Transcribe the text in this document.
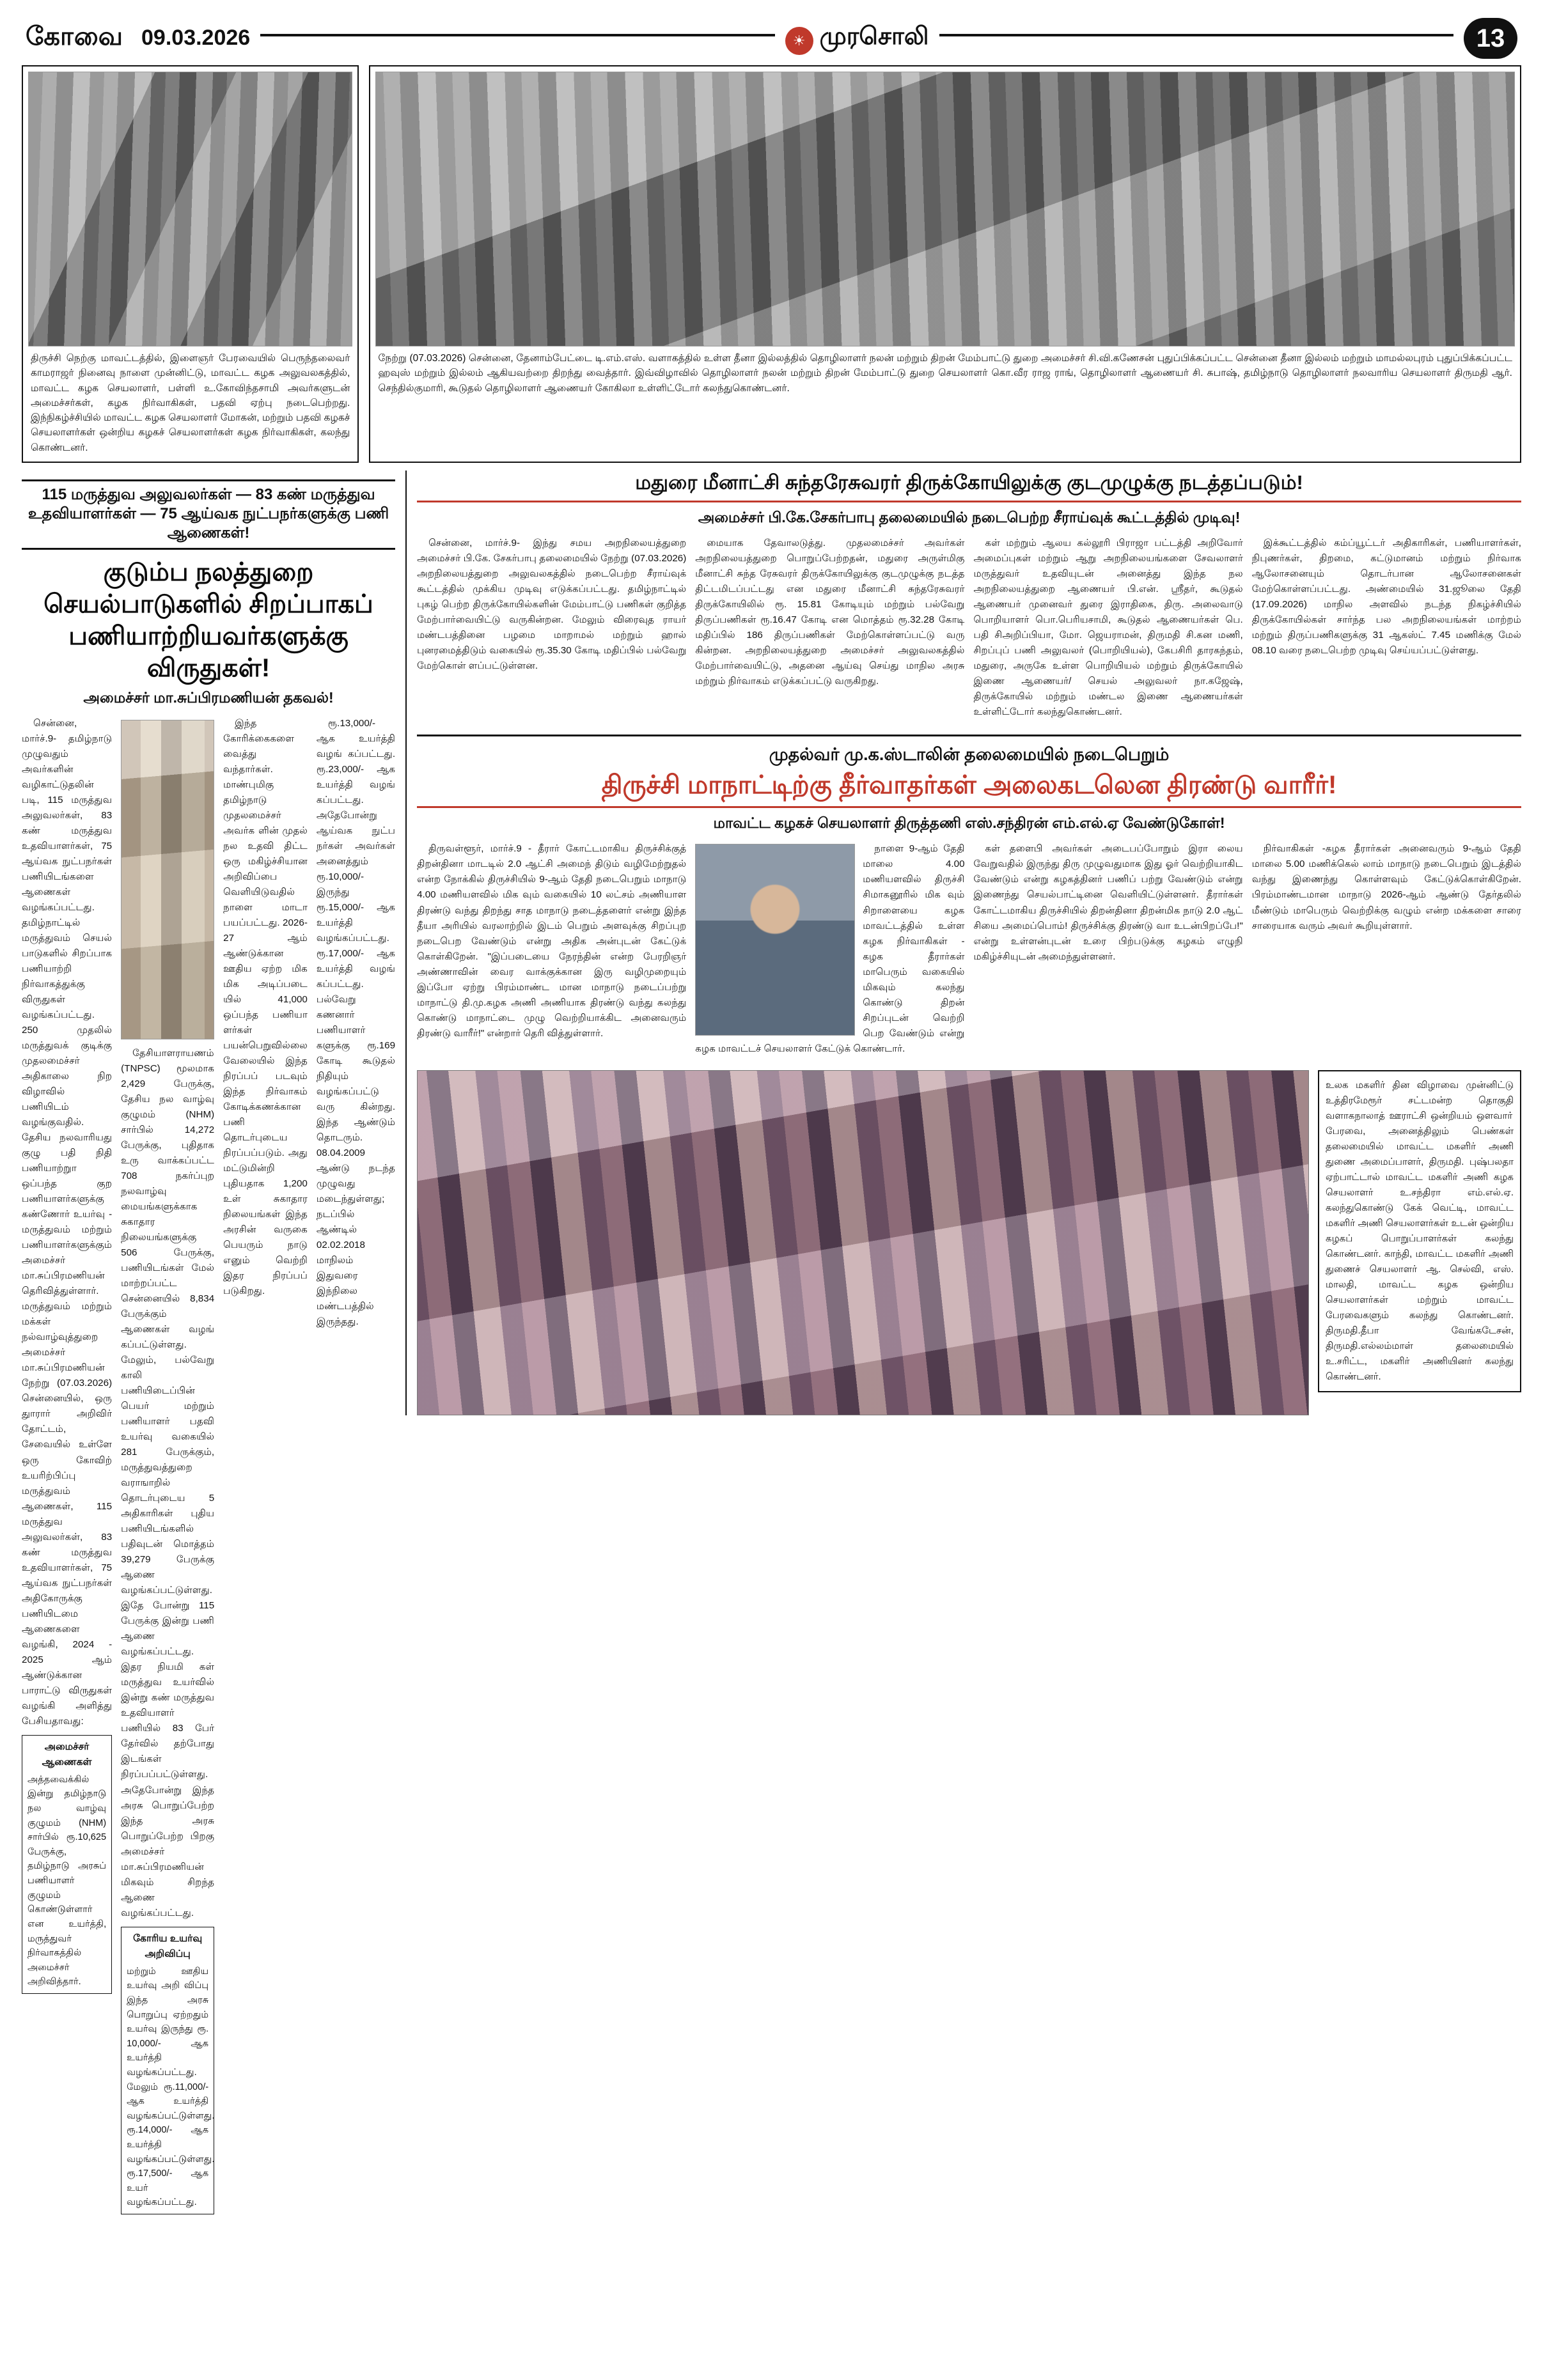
கோவை 09.03.2026	☀ முரசொலி	13
திருச்சி நெற்கு மாவட்டத்தில், இளைஞர் பேரவையில் பெருந்தலைவர் காமராஜர் நினைவு நாளை முன்னிட்டு, மாவட்ட கழக அலுவலகத்தில், மாவட்ட கழக செயலாளர், பள்ளி உ.கோவிந்தசாமி அவர்களுடன் அமைச்சர்கள், கழக நிர்வாகிகள், பதவி ஏற்பு நடைபெற்றது. இந்நிகழ்ச்சியில் மாவட்ட கழக செயலாளர் மோகன், மற்றும் பதவி கழகச் செயலாளர்கள் ஒன்றிய கழகச் செயலாளர்கள் கழக நிர்வாகிகள், கலந்து கொண்டனர்.
நேற்று (07.03.2026) சென்னை, தேனாம்பேட்டை டி.எம்.எஸ். வளாகத்தில் உள்ள தீனா இல்லத்தில் தொழிலாளர் நலன் மற்றும் திறன் மேம்பாட்டு துறை அமைச்சர் சி.வி.கணேசன் புதுப்பிக்கப்பட்ட சென்னை தீனா இல்லம் மற்றும் மாமல்லபுரம் புதுப்பிக்கப்பட்ட ஹவுஸ் மற்றும் இல்லம் ஆகியவற்றை திறந்து வைத்தார். இவ்விழாவில் தொழிலாளர் நலன் மற்றும் திறன் மேம்பாட்டு துறை செயலாளர் கொ.வீர ராஜ ராங், தொழிலாளர் ஆணையர் சி. சுபாஷ், தமிழ்நாடு தொழிலாளர் நலவாரிய செயலாளர் திருமதி ஆர். செந்தில்குமாரி, கூடுதல் தொழிலாளர் ஆணையர் கோகிலா உள்ளிட்டோர் கலந்துகொண்டனர்.
115 மருத்துவ அலுவலர்கள் — 83 கண் மருத்துவ உதவியாளர்கள் — 75 ஆய்வக நுட்பநர்களுக்கு பணி ஆணைகள்!
குடும்ப நலத்துறை செயல்பாடுகளில் சிறப்பாகப் பணியாற்றியவர்களுக்கு விருதுகள்!
அமைச்சர் மா.சுப்பிரமணியன் தகவல்!

சென்னை, மார்ச்.9- தமிழ்நாடு முழுவதும் அவர்களின் வழிகாட்டுதலின் படி, 115 மருத்துவ அலுவலர்கள், 83 கண் மருத்துவ உதவியாளர்கள், 75 ஆய்வக நுட்பநர்கள் பணியிடங்களை ஆணைகள் வழங்கப்பட்டது. தமிழ்நாட்டில் மருத்துவம் செயல் பாடுகளில் சிறப்பாக பணியாற்றி நிர்வாகத்துக்கு விருதுகள் வழங்கப்பட்டது. 250 முதலில் மருத்துவக் குடிக்கு முதலமைச்சர் அதிகாலை நிற விழாவில் பணியிடம் வழங்குவதில். தேசிய நலவாரியது குழு பதி நிதி பணியாற்றுா ஒப்பந்த குற பணியாளர்களுக்கு கண்ணோர் உயர்வு - மருத்துவம் மற்றும் பணியாளர்களுக்கும் அமைச்சர் மா.சுப்பிரமணியன் தெரிவித்துள்ளார். மருத்துவம் மற்றும் மக்கள் நல்வாழ்வுத்துறை அமைச்சர் மா.சுப்பிரமணியன் நேற்று (07.03.2026) சென்னையில், ஒரு துாரார் அறிவிர் தோட்டம், சேவையில் உள்ளே ஒரு கோவிற் உயரிற்பிப்பு மருத்துவம் ஆணைகள், 115 மருத்துவ அலுவலர்கள், 83 கண் மருத்துவ உதவியாளர்கள், 75 ஆய்வக நுட்பநர்கள் அதிகோருக்கு பணியிடமை ஆணைகளை வழங்கி, 2024 - 2025 ஆம் ஆண்டுக்கான பாராட்டு விருதுகள் வழங்கி அளித்து பேசியதாவது:

அமைச்சர் ஆணைகள்
அத்தவைக்கில் இன்று தமிழ்நாடு நல வாழ்வு குழுமம் (NHM) சார்பில் ரூ.10,625 பேருக்கு, தமிழ்நாடு அரசுப் பணியாளர் குழுமம் கொண்டுள்ளார் என உயர்த்தி, மருத்துவர் நிர்வாகத்தில் அமைச்சர் அறிவித்தார்.

தேசியாளராயணம் (TNPSC) மூலமாக 2,429 பேருக்கு, தேசிய நல வாழ்வு குழுமம் (NHM) சார்பில் 14,272 பேருக்கு, புதிதாக உரு வாக்கப்பட்ட 708 நகர்ப்புற நலவாழ்வு மையங்களுக்காக சுகாதார நிலையங்களுக்கு 506 பேருக்கு, பணியிடங்கள் மேல் மாற்றப்பட்ட சென்னையில் 8,834 பேருக்கும் ஆணைகள் வழங் கப்பட்டுள்ளது. மேலும், பல்வேறு காலி பணியிடைப்பின் பெயர் மற்றும் பணியாளர் பதவி உயர்வு வகையில் 281 பேருக்கும், மருத்துவத்துறை வராஙாறில் தொடர்புடைய 5 அதிகாரிகள் புதிய பணியிடங்களில் பதிவுடன் மொத்தம் 39,279 பேருக்கு ஆணை வழங்கப்பட்டுள்ளது. இதே போன்று 115 பேருக்கு இன்று பணி ஆணை வழங்கப்பட்டது. இதர நியமி கள் மருத்துவ உயர்வில் இன்று கண் மருத்துவ உதவியாளர் பணியில் 83 பேர் தேர்வில் தற்போது இடங்கள் நிரப்பப்பட்டுள்ளது. அதேபோன்று இந்த அரசு பொறுப்பேற்ற இந்த அரசு பொறுப்பேற்ற பிறகு அமைச்சர் மா.சுப்பிரமணியன் மிகவும் சிறந்த ஆணை வழங்கப்பட்டது.

கோரிய உயர்வு அறிவிப்பு
மற்றும் ஊதிய உயர்வு அறி விப்பு இந்த அரசு பொறுப்பு ஏற்றதும் உயர்வு இருந்து ரூ. 10,000/- ஆக உயர்த்தி வழங்கப்பட்டது. மேலும் ரூ.11,000/- ஆக உயர்த்தி வழங்கப்பட்டுள்ளது. ரூ.14,000/- ஆக உயர்த்தி வழங்கப்பட்டுள்ளது. ரூ.17,500/- ஆக உயர் வழங்கப்பட்டது.

இந்த கோரிக்கைகளை வைத்து வந்தார்கள். மாண்புமிகு தமிழ்நாடு முதலமைச்சர் அவர்க ளின் முதல் நல உதவி திட்ட ஒரு மகிழ்ச்சியான அறிவிப்பை வெளியிடுவதில் நாளை மாடா பயப்பட்டது. 2026-27 ஆம் ஆண்டுக்கான ஊதிய ஏற்ற மிக மிக அடிப்படை யில் 41,000 ஒப்பந்த பணியா ளர்கள் பயன்பெறுவில்லை வேலையில் இந்த நிரப்பப் படவும் இந்த நிர்வாகம் கோடிக்கணக்கான பணி தொடர்புடைய நிரப்பப்படும். அது மட்டுமின்றி புதியதாக 1,200 உள் சுகாதார நிலையங்கள் இந்த அரசின் வருகை பெயரும் நாடு எனும் வெற்றி இதர நிரப்பப் படுகிறது.

ரூ.13,000/- ஆக உயர்த்தி வழங் கப்பட்டது. ரூ.23,000/- ஆக உயர்த்தி வழங் கப்பட்டது. அதேபோன்று ஆய்வக நுட்ப நர்கள் அவர்கள் அனைத்தும் ரூ.10,000/- இருந்து ரூ.15,000/- ஆக உயர்த்தி வழங்கப்பட்டது. ரூ.17,000/- ஆக உயர்த்தி வழங் கப்பட்டது. பல்வேறு கணனார் பணியாளர் களுக்கு ரூ.169 கோடி கூடுதல் நிதியும் வழங்கப்பட்டு வரு கின்றது. இந்த ஆண்டும் தொடரும். 08.04.2009 ஆண்டு நடந்த முழுவது மடைந்துள்ளது; நடப்பில் ஆண்டில் 02.02.2018 மாநிலம் இதுவரை இந்நிலை மண்டபத்தில் இருந்தது.

மதுரை மீனாட்சி சுந்தரேசுவரர் திருக்கோயிலுக்கு குடமுழுக்கு நடத்தப்படும்!
அமைச்சர் பி.கே.சேகர்பாபு தலைமையில் நடைபெற்ற சீராய்வுக் கூட்டத்தில் முடிவு!

சென்னை, மார்ச்.9- இந்து சமய அறநிலையத்துறை அமைச்சர் பி.கே. சேகர்பாபு தலைமையில் நேற்று (07.03.2026) அறநிலையத்துறை அலுவலகத்தில் நடைபெற்ற சீராய்வுக் கூட்டத்தில் முக்கிய முடிவு எடுக்கப்பட்டது. தமிழ்நாட்டில் புகழ் பெற்ற திருக்கோயில்களின் மேம்பாட்டு பணிகள் குறித்த மேற்பார்வையிட்டு வருகின்றன. மேலும் விரைவுத ராயர் மண்டபத்தினை பழமை மாறாமல் மற்றும் ஹால் புனரமைத்திடும் வகையில் ரூ.35.30 கோடி மதிப்பில் பல்வேறு மேற்கொள் ளப்பட்டுள்ளன.

மையாக தேவாலடுத்து. முதலமைச்சர் அவர்கள் அறநிலையத்துறை பொறுப்பேற்றதன், மதுரை அருள்மிகு மீனாட்சி சுந்த ரேசுவரர் திருக்கோயிலுக்கு குடமுழுக்கு நடத்த திட்டமிடப்பட்டது என மதுரை மீனாட்சி சுந்தரேசுவரர் திருக்கோயிலில் ரூ. 15.81 கோடியும் மற்றும் பல்வேறு திருப்பணிகள் ரூ.16.47 கோடி என மொத்தம் ரூ.32.28 கோடி மதிப்பில் 186 திருப்பணிகள் மேற்கொள்ளப்பட்டு வரு கின்றன. அறநிலையத்துறை அமைச்சர் அலுவலகத்தில் மேற்பார்வையிட்டு, அதனை ஆய்வு செய்து மாநில அரசு மற்றும் நிர்வாகம் எடுக்கப்பட்டு வருகிறது.

கள் மற்றும் ஆலய கல்லூரி பிராஜா பட்டத்தி அறிவோர் அமைப்புகள் மற்றும் ஆறு அறநிலையங்களை சேவலாளர் மருத்துவர் உதவியுடன் அனைத்து இந்த நல அறநிலையத்துறை ஆணையர் பி.என். ஸ்ரீதர், கூடுதல் ஆணையர் முனைவர் துரை இராதிகை, திரு. அலைவாடு பொறியாளர் பொ.பெரியசாமி, கூடுதல் ஆணையர்கள் பெ. பதி சிஅறிப்பியா, மோ. ஜெயராமன், திருமதி சி.கன மணி, சிறப்புப் பணி அலுவலர் (பொறியியல்), கேபசிரி தாரகந்தம், மதுரை, அருகே உள்ள பொறியியல் மற்றும் திருக்கோயில் இணை ஆணையர்/ செயல் அலுவலர் நா.கஜேஷ், திருக்கோயில் மற்றும் மண்டல இணை ஆணையர்கள் உள்ளிட்டோர் கலந்துகொண்டனர்.

இக்கூட்டத்தில் கம்ப்யூட்டர் அதிகாரிகள், பணியாளர்கள், நிபுணர்கள், திறமை, கட்டுமானம் மற்றும் நிர்வாக ஆலோசனையும் தொடர்பான ஆலோசனைகள் மேற்கொள்ளப்பட்டது. அண்மையில் 31.ஜூலை தேதி (17.09.2026) மாநில அளவில் நடந்த நிகழ்ச்சியில் திருக்கோயில்கள் சார்ந்த பல அறநிலையங்கள் மாற்றம் மற்றும் திருப்பணிகளுக்கு 31 ஆகஸ்ட் 7.45 மணிக்கு மேல் 08.10 வரை நடைபெற்ற முடிவு செய்யப்பட்டுள்ளது.

முதல்வர் மு.க.ஸ்டாலின் தலைமையில் நடைபெறும்
திருச்சி மாநாட்டிற்கு தீர்வாதர்கள் அலைகடலென திரண்டு வாரீர்!
மாவட்ட கழகச் செயலாளர் திருத்தணி எஸ்.சந்திரன் எம்.எல்.ஏ வேண்டுகோள்!

திருவள்ளூர், மார்ச்.9 - தீரார் கோட்டமாகிய திருச்சிக்குத் திறன்தினா மாடடில் 2.0 ஆட்சி அமைந் திடும் வழிமேற்றுதல் என்ற நோக்கில் திருச்சியில் 9-ஆம் தேதி நடைபெறும் மாநாடு 4.00 மணியளவில் மிக வும் வகையில் 10 லட்சம் அணியாள திரண்டு வந்து திறந்து சாத மாநாடு நடைத்தளைர் என்று இந்த தீயா அரியில் வரலாற்றில் இடம் பெறும் அளவுக்கு சிறப்புற நடைபெற வேண்டும் என்று அதிக அன்புடன் கேட்டுக் கொள்கிறேன். "இப்படையை நேரந்தின் என்ற பேரறிஞர் அண்ணாவின் வைர வாக்குக்கான இரு வழிமுறையும் இப்போ ஏற்று பிரம்மாண்ட மான மாநாடு நடைப்பற்று மாநாட்டு தி.மு.கழக அணி அணியாக திரண்டு வந்து கலந்து கொண்டு மாநாட்டை முழு வெற்றியாக்கிட அனைவரும் திரண்டு வாரீர்!" என்றார் தெரி வித்துள்ளார்.

நாளை 9-ஆம் தேதி மாலை 4.00 மணியளவில் திருச்சி சிமாகனூரில் மிக வும் சிறாளையை கழக மாவட்டத்தில் உள்ள கழக நிர்வாகிகள் - கழக தீரார்கள் மாபெரும் வகையில் மிகவும் கலந்து கொண்டு திறன் சிறப்புடன் வெற்றி பெற வேண்டும் என்று கழக மாவட்டச் செயலாளர் கேட்டுக் கொண்டார்.

கள் தளைபி அவர்கள் அடைபப்போறும் இரா லைய வேறுவதில் இருந்து திரு முழுவதுமாக இது ஓர் வெற்றியாகிட வேண்டும் என்று கழகத்தினர் பணிப் பற்று வேண்டும் என்று இணைந்து செயல்பாட்டினை வெளியிட்டுள்ளனர். தீரார்கள் கோட்டமாகிய திருச்சியில் திறன்தினா திறன்மிக நாடு 2.0 ஆட் சியை அமைப்பொம்! திருச்சிக்கு திரண்டு வா உடன்பிறப்பே!" என்று உள்ளன்புடன் உரை பிற்படுக்கு கழகம் எழுநி மகிழ்ச்சியுடன் அமைந்துள்ளனர்.

நிர்வாகிகள் -கழக தீரார்கள் அனைவரும் 9-ஆம் தேதி மாலை 5.00 மணிக்கெல் லாம் மாநாடு நடைபெறும் இடத்தில் வந்து இணைந்து கொள்ளவும் கேட்டுக்கொள்கிறேன். பிரம்மாண்டமான மாநாடு 2026-ஆம் ஆண்டு தேர்தலில் மீண்டும் மாபெரும் வெற்றிக்கு வழும் என்ற மக்களை சாரை சாரையாக வரும் அவர் கூறியுள்ளார்.

உலக மகளிர் தின விழாவை முன்னிட்டு உத்திரமேரூர் சட்டமன்ற தொகுதி வளாகநாலாத் ஊராட்சி ஒன்றியம் ஒளவாா் பேரவை, அனைத்திலும் பெண்கள் தலைமையில் மாவட்ட மகளிர் அணி துணை அமைப்பாளர், திருமதி. புஷ்பலதா ஏற்பாட்டால் மாவட்ட மகளிர் அணி கழக செயலாளர் உ.சந்திரா எம்.எல்.ஏ. கலந்துகொண்டு கேக் வெட்டி, மாவட்ட மகளிர் அணி செயலாளர்கள் உடன் ஒன்றிய கழகப் பொறுப்பாளர்கள் கலந்து கொண்டனர். காந்தி, மாவட்ட மகளிர் அணி துணைச் செயலாளர் ஆ. செல்வி, எஸ். மாலதி, மாவட்ட கழக ஒன்றிய செயலாளர்கள் மற்றும் மாவட்ட பேரவைகளும் கலந்து கொண்டனர். திருமதி.தீபா வேங்கடேசன், திருமதி.எல்லம்மாள் தலைமையில் உ.சரிட்ட, மகளிர் அணியினர் கலந்து கொண்டனர்.
